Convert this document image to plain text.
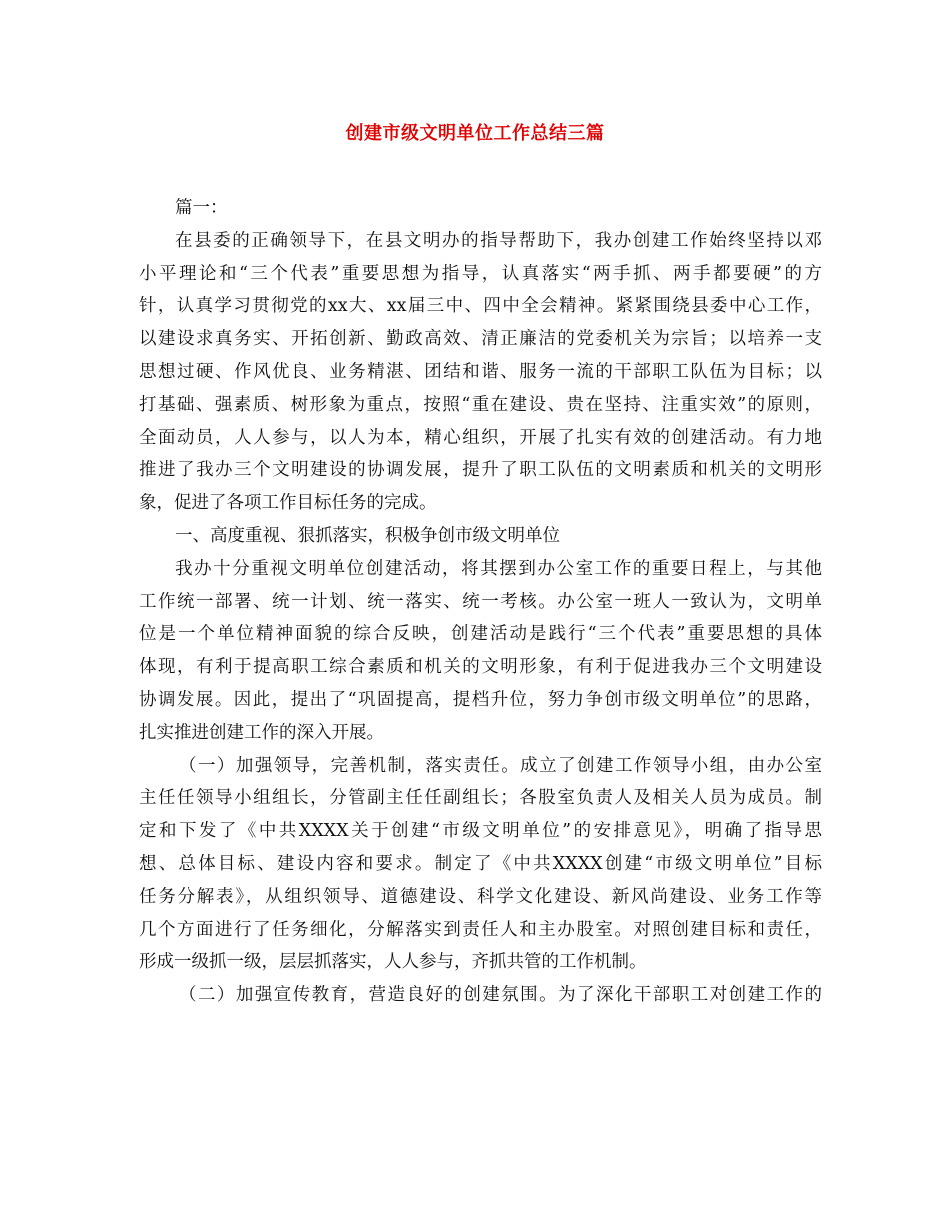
创建市级文明单位工作总结三篇
篇一：
在县委的正确领导下，在县文明办的指导帮助下，我办创建工作始终坚持以邓
小平理论和“三个代表”重要思想为指导，认真落实“两手抓、两手都要硬”的方
针，认真学习贯彻党的xx大、xx届三中、四中全会精神。紧紧围绕县委中心工作，
以建设求真务实、开拓创新、勤政高效、清正廉洁的党委机关为宗旨；以培养一支
思想过硬、作风优良、业务精湛、团结和谐、服务一流的干部职工队伍为目标；以
打基础、强素质、树形象为重点，按照“重在建设、贵在坚持、注重实效”的原则，
全面动员，人人参与，以人为本，精心组织，开展了扎实有效的创建活动。有力地
推进了我办三个文明建设的协调发展，提升了职工队伍的文明素质和机关的文明形
象，促进了各项工作目标任务的完成。
一、高度重视、狠抓落实，积极争创市级文明单位
我办十分重视文明单位创建活动，将其摆到办公室工作的重要日程上，与其他
工作统一部署、统一计划、统一落实、统一考核。办公室一班人一致认为，文明单
位是一个单位精神面貌的综合反映，创建活动是践行“三个代表”重要思想的具体
体现，有利于提高职工综合素质和机关的文明形象，有利于促进我办三个文明建设
协调发展。因此，提出了“巩固提高，提档升位，努力争创市级文明单位”的思路，
扎实推进创建工作的深入开展。
（一）加强领导，完善机制，落实责任。成立了创建工作领导小组，由办公室
主任任领导小组组长，分管副主任任副组长；各股室负责人及相关人员为成员。制
定和下发了《中共XXXX关于创建“市级文明单位”的安排意见》，明确了指导思
想、总体目标、建设内容和要求。制定了《中共XXXX创建“市级文明单位”目标
任务分解表》，从组织领导、道德建设、科学文化建设、新风尚建设、业务工作等
几个方面进行了任务细化，分解落实到责任人和主办股室。对照创建目标和责任，
形成一级抓一级，层层抓落实，人人参与，齐抓共管的工作机制。
（二）加强宣传教育，营造良好的创建氛围。为了深化干部职工对创建工作的
